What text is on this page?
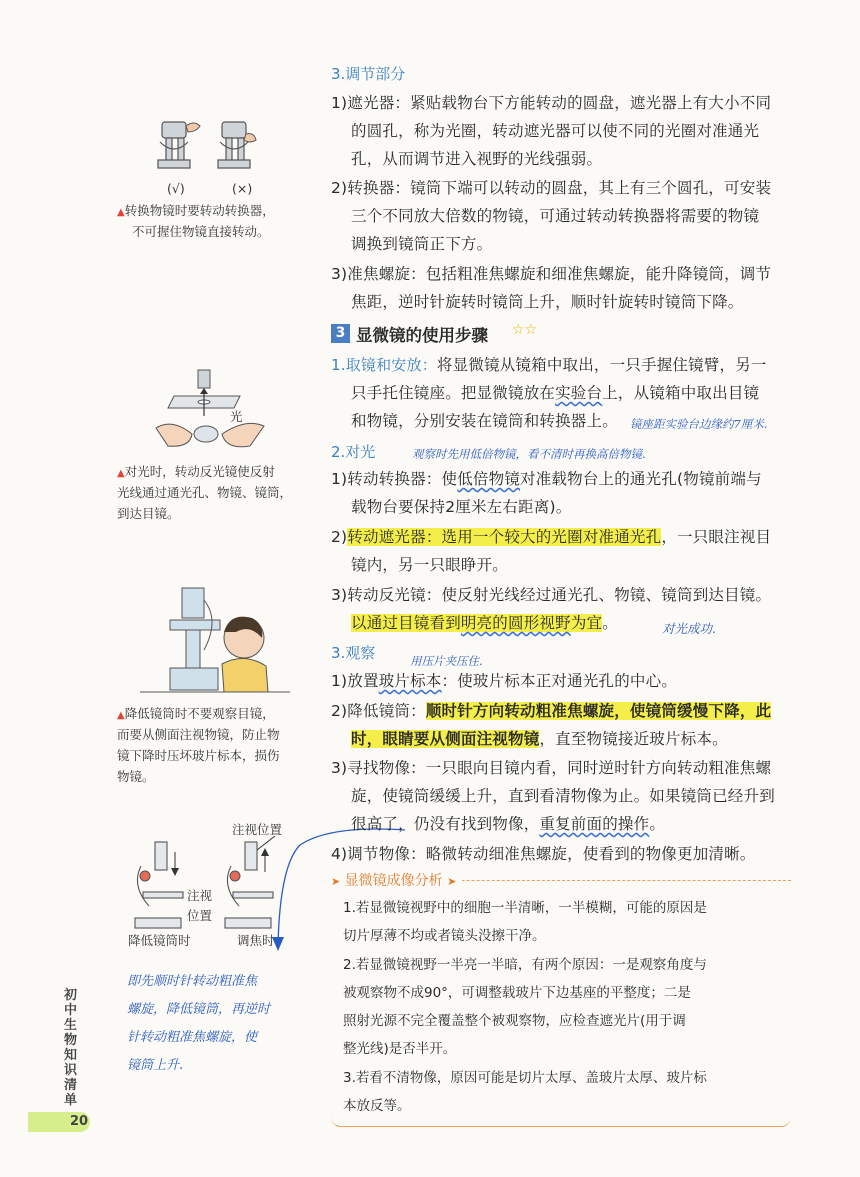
(√)	(×)
▲转换物镜时要转动转换器，
不可握住物镜直接转动。
光
▲对光时，转动反光镜使反射
光线通过通光孔、物镜、镜筒，
到达目镜。
▲降低镜筒时不要观察目镜，
而要从侧面注视物镜，防止物
镜下降时压坏玻片标本，损伤
物镜。
注视位置
注视
位置
降低镜筒时	调焦时
即先顺时针转动粗准焦
螺旋，降低镜筒，再逆时
针转动粗准焦螺旋，使
镜筒上升.
初中生物知识清单
20
3.调节部分
1)遮光器：紧贴载物台下方能转动的圆盘，遮光器上有大小不同
的圆孔，称为光圈，转动遮光器可以使不同的光圈对准通光
孔，从而调节进入视野的光线强弱。
2)转换器：镜筒下端可以转动的圆盘，其上有三个圆孔，可安装
三个不同放大倍数的物镜，可通过转动转换器将需要的物镜
调换到镜筒正下方。
3)准焦螺旋：包括粗准焦螺旋和细准焦螺旋，能升降镜筒，调节
焦距，逆时针旋转时镜筒上升，顺时针旋转时镜筒下降。
3 显微镜的使用步骤 ☆☆
1.取镜和安放：将显微镜从镜箱中取出，一只手握住镜臂，另一
只手托住镜座。把显微镜放在实验台上，从镜箱中取出目镜
和物镜，分别安装在镜筒和转换器上。 镜座距实验台边缘约7厘米.
2.对光	观察时先用低倍物镜，看不清时再换高倍物镜.
1)转动转换器：使低倍物镜对准载物台上的通光孔(物镜前端与
载物台要保持2厘米左右距离)。
2)转动遮光器：选用一个较大的光圈对准通光孔，一只眼注视目
镜内，另一只眼睁开。
3)转动反光镜：使反射光线经过通光孔、物镜、镜筒到达目镜。
以通过目镜看到明亮的圆形视野为宜。	对光成功.
3.观察	用压片夹压住.
1)放置玻片标本：使玻片标本正对通光孔的中心。
2)降低镜筒：顺时针方向转动粗准焦螺旋，使镜筒缓慢下降，此
时，眼睛要从侧面注视物镜，直至物镜接近玻片标本。
3)寻找物像：一只眼向目镜内看，同时逆时针方向转动粗准焦螺
旋，使镜筒缓缓上升，直到看清物像为止。如果镜筒已经升到
很高了，仍没有找到物像，重复前面的操作。
4)调节物像：略微转动细准焦螺旋，使看到的物像更加清晰。
➤ 显微镜成像分析 ➤
1.若显微镜视野中的细胞一半清晰，一半模糊，可能的原因是
切片厚薄不均或者镜头没擦干净。
2.若显微镜视野一半亮一半暗，有两个原因：一是观察角度与
被观察物不成90°，可调整载玻片下边基座的平整度；二是
照射光源不完全覆盖整个被观察物，应检查遮光片(用于调
整光线)是否半开。
3.若看不清物像，原因可能是切片太厚、盖玻片太厚、玻片标
本放反等。
